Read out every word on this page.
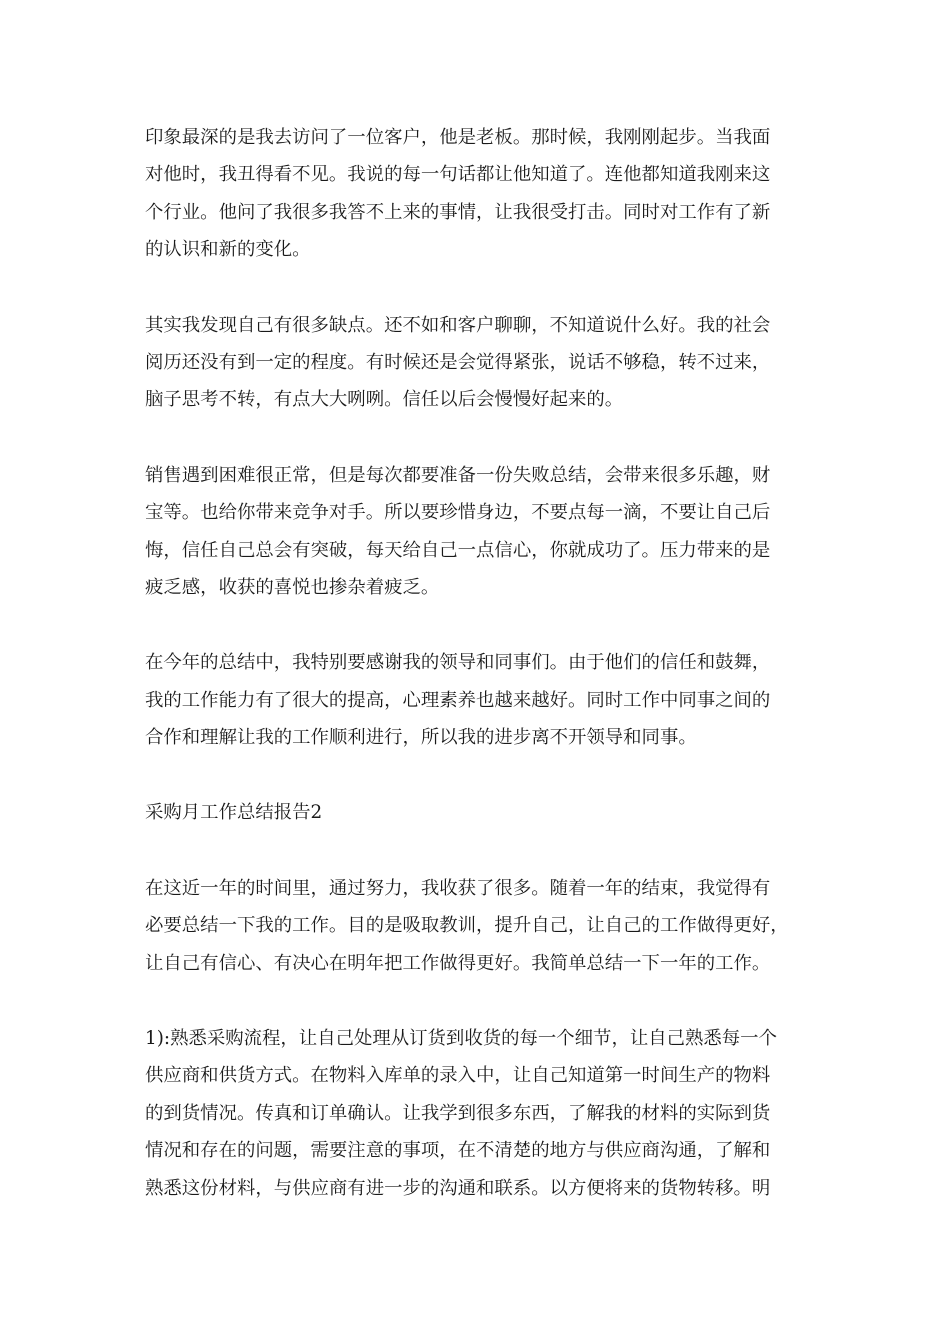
印象最深的是我去访问了一位客户，他是老板。那时候，我刚刚起步。当我面
对他时，我丑得看不见。我说的每一句话都让他知道了。连他都知道我刚来这
个行业。他问了我很多我答不上来的事情，让我很受打击。同时对工作有了新
的认识和新的变化。

其实我发现自己有很多缺点。还不如和客户聊聊，不知道说什么好。我的社会
阅历还没有到一定的程度。有时候还是会觉得紧张，说话不够稳，转不过来，
脑子思考不转，有点大大咧咧。信任以后会慢慢好起来的。

销售遇到困难很正常，但是每次都要准备一份失败总结，会带来很多乐趣，财
宝等。也给你带来竞争对手。所以要珍惜身边，不要点每一滴，不要让自己后
悔，信任自己总会有突破，每天给自己一点信心，你就成功了。压力带来的是
疲乏感，收获的喜悦也掺杂着疲乏。

在今年的总结中，我特别要感谢我的领导和同事们。由于他们的信任和鼓舞，
我的工作能力有了很大的提高，心理素养也越来越好。同时工作中同事之间的
合作和理解让我的工作顺利进行，所以我的进步离不开领导和同事。

采购月工作总结报告2

在这近一年的时间里，通过努力，我收获了很多。随着一年的结束，我觉得有
必要总结一下我的工作。目的是吸取教训，提升自己，让自己的工作做得更好，
让自己有信心、有决心在明年把工作做得更好。我简单总结一下一年的工作。

1):熟悉采购流程，让自己处理从订货到收货的每一个细节，让自己熟悉每一个
供应商和供货方式。在物料入库单的录入中，让自己知道第一时间生产的物料
的到货情况。传真和订单确认。让我学到很多东西，了解我的材料的实际到货
情况和存在的问题，需要注意的事项，在不清楚的地方与供应商沟通，了解和
熟悉这份材料，与供应商有进一步的沟通和联系。以方便将来的货物转移。明
